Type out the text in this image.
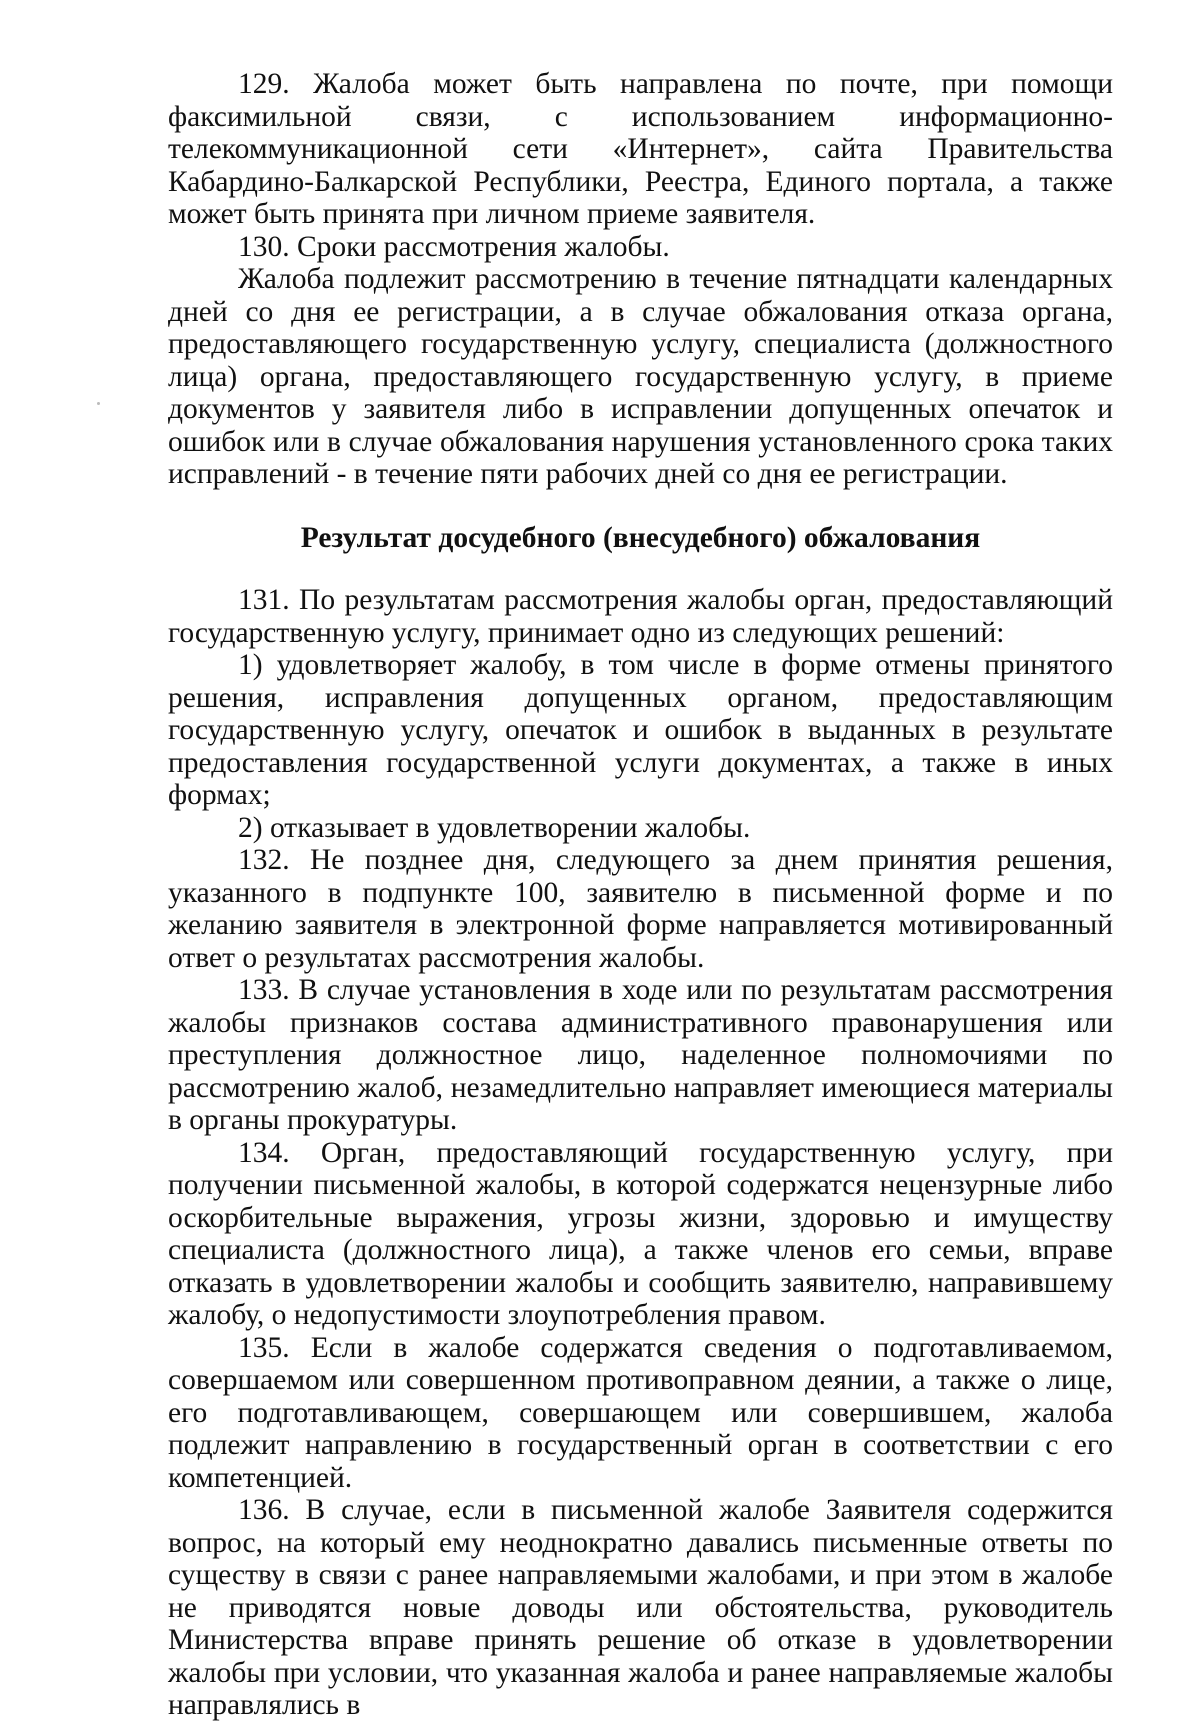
129. Жалоба может быть направлена по почте, при помощи факсимильной связи, с использованием информационно-телекоммуникационной сети «Интернет», сайта Правительства Кабардино-Балкарской Республики, Реестра, Единого портала, а также может быть принята при личном приеме заявителя.

130. Сроки рассмотрения жалобы.

Жалоба подлежит рассмотрению в течение пятнадцати календарных дней со дня ее регистрации, а в случае обжалования отказа органа, предоставляющего государственную услугу, специалиста (должностного лица) органа, предоставляющего государственную услугу, в приеме документов у заявителя либо в исправлении допущенных опечаток и ошибок или в случае обжалования нарушения установленного срока таких исправлений - в течение пяти рабочих дней со дня ее регистрации.

Результат досудебного (внесудебного) обжалования

131. По результатам рассмотрения жалобы орган, предоставляющий государственную услугу, принимает одно из следующих решений:

1) удовлетворяет жалобу, в том числе в форме отмены принятого решения, исправления допущенных органом, предоставляющим государственную услугу, опечаток и ошибок в выданных в результате предоставления государственной услуги документах, а также в иных формах;

2) отказывает в удовлетворении жалобы.

132. Не позднее дня, следующего за днем принятия решения, указанного в подпункте 100, заявителю в письменной форме и по желанию заявителя в электронной форме направляется мотивированный ответ о результатах рассмотрения жалобы.

133. В случае установления в ходе или по результатам рассмотрения жалобы признаков состава административного правонарушения или преступления должностное лицо, наделенное полномочиями по рассмотрению жалоб, незамедлительно направляет имеющиеся материалы в органы прокуратуры.

134. Орган, предоставляющий государственную услугу, при получении письменной жалобы, в которой содержатся нецензурные либо оскорбительные выражения, угрозы жизни, здоровью и имуществу специалиста (должностного лица), а также членов его семьи, вправе отказать в удовлетворении жалобы и сообщить заявителю, направившему жалобу, о недопустимости злоупотребления правом.

135. Если в жалобе содержатся сведения о подготавливаемом, совершаемом или совершенном противоправном деянии, а также о лице, его подготавливающем, совершающем или совершившем, жалоба подлежит направлению в государственный орган в соответствии с его компетенцией.

136. В случае, если в письменной жалобе Заявителя содержится вопрос, на который ему неоднократно давались письменные ответы по существу в связи с ранее направляемыми жалобами, и при этом в жалобе не приводятся новые доводы или обстоятельства, руководитель Министерства вправе принять решение об отказе в удовлетворении жалобы при условии, что указанная жалоба и ранее направляемые жалобы направлялись в
